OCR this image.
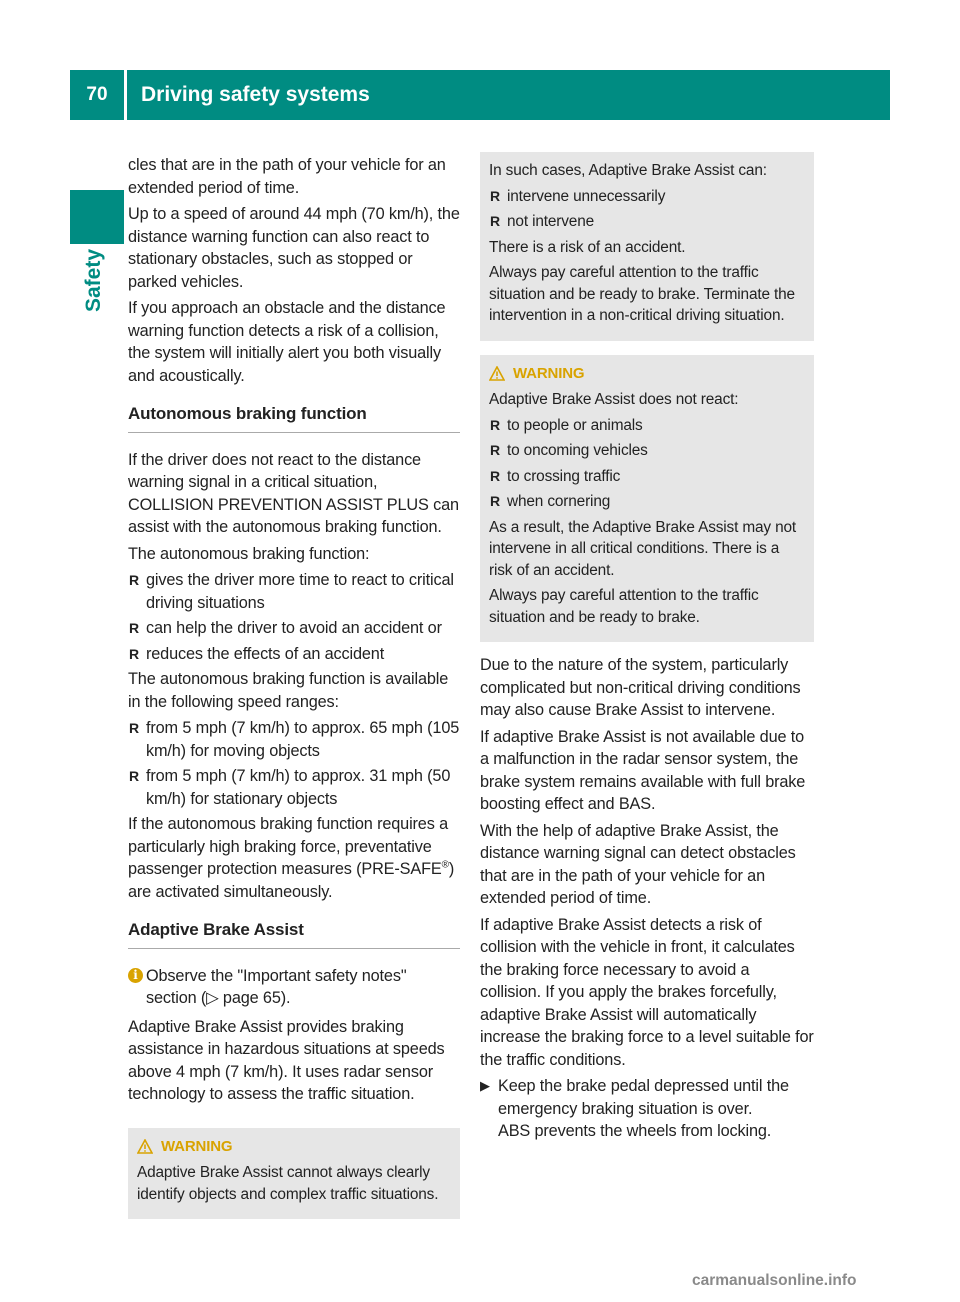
70	Driving safety systems
Safety

cles that are in the path of your vehicle for an extended period of time.

Up to a speed of around 44 mph (70 km/h), the distance warning function can also react to stationary obstacles, such as stopped or parked vehicles.

If you approach an obstacle and the distance warning function detects a risk of a collision, the system will initially alert you both visually and acoustically.

Autonomous braking function

If the driver does not react to the distance warning signal in a critical situation, COLLISION PREVENTION ASSIST PLUS can assist with the autonomous braking function.

The autonomous braking function:

R gives the driver more time to react to critical driving situations
R can help the driver to avoid an accident or
R reduces the effects of an accident

The autonomous braking function is available in the following speed ranges:

R from 5 mph (7 km/h) to approx. 65 mph (105 km/h) for moving objects
R from 5 mph (7 km/h) to approx. 31 mph (50 km/h) for stationary objects

If the autonomous braking function requires a particularly high braking force, preventative passenger protection measures (PRE-SAFE®) are activated simultaneously.

Adaptive Brake Assist
i Observe the "Important safety notes" section (▷ page 65).

Adaptive Brake Assist provides braking assistance in hazardous situations at speeds above 4 mph (7 km/h). It uses radar sensor technology to assess the traffic situation.

WARNING

Adaptive Brake Assist cannot always clearly identify objects and complex traffic situations.

In such cases, Adaptive Brake Assist can:

R intervene unnecessarily
R not intervene

There is a risk of an accident.

Always pay careful attention to the traffic situation and be ready to brake. Terminate the intervention in a non-critical driving situation.

WARNING

Adaptive Brake Assist does not react:

R to people or animals
R to oncoming vehicles
R to crossing traffic
R when cornering

As a result, the Adaptive Brake Assist may not intervene in all critical conditions. There is a risk of an accident.

Always pay careful attention to the traffic situation and be ready to brake.

Due to the nature of the system, particularly complicated but non-critical driving conditions may also cause Brake Assist to intervene.

If adaptive Brake Assist is not available due to a malfunction in the radar sensor system, the brake system remains available with full brake boosting effect and BAS.

With the help of adaptive Brake Assist, the distance warning signal can detect obstacles that are in the path of your vehicle for an extended period of time.

If adaptive Brake Assist detects a risk of collision with the vehicle in front, it calculates the braking force necessary to avoid a collision. If you apply the brakes forcefully, adaptive Brake Assist will automatically increase the braking force to a level suitable for the traffic conditions.

▶ Keep the brake pedal depressed until the emergency braking situation is over.
ABS prevents the wheels from locking.
carmanualsonline.info
